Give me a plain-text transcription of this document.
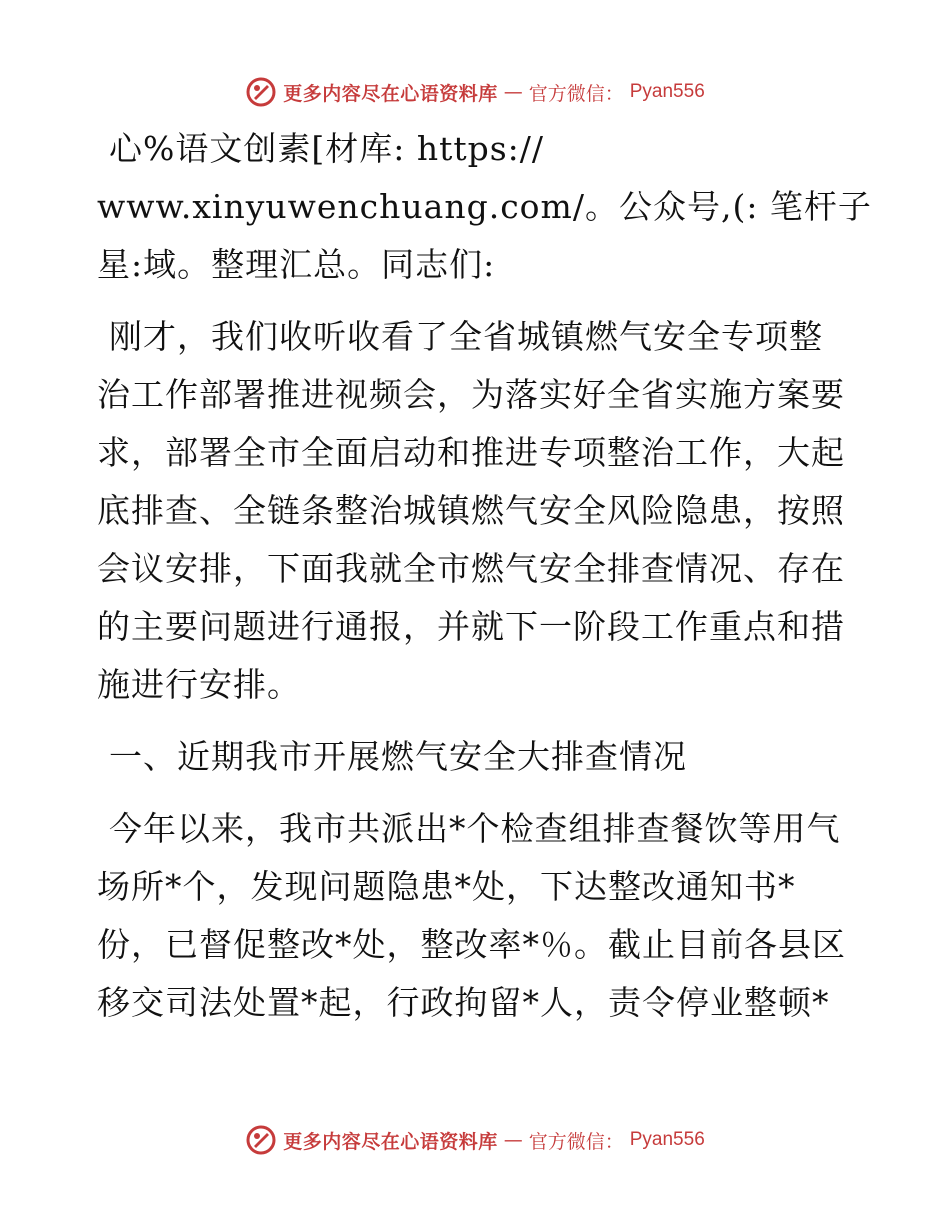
更多内容尽在心语资料库 — 官方微信： Pyan556

心%语文创素[材库: https://
www.xinyuwenchuang.com/。公众号,(: 笔杆子
星:域。整理汇总。同志们:

刚才，我们收听收看了全省城镇燃气安全专项整
治工作部署推进视频会，为落实好全省实施方案要
求，部署全市全面启动和推进专项整治工作，大起
底排查、全链条整治城镇燃气安全风险隐患，按照
会议安排，下面我就全市燃气安全排查情况、存在
的主要问题进行通报，并就下一阶段工作重点和措
施进行安排。

一、近期我市开展燃气安全大排查情况

今年以来，我市共派出*个检查组排查餐饮等用气
场所*个，发现问题隐患*处，下达整改通知书*
份，已督促整改*处，整改率*％。截止目前各县区
移交司法处置*起，行政拘留*人，责令停业整顿*

更多内容尽在心语资料库 — 官方微信： Pyan556
